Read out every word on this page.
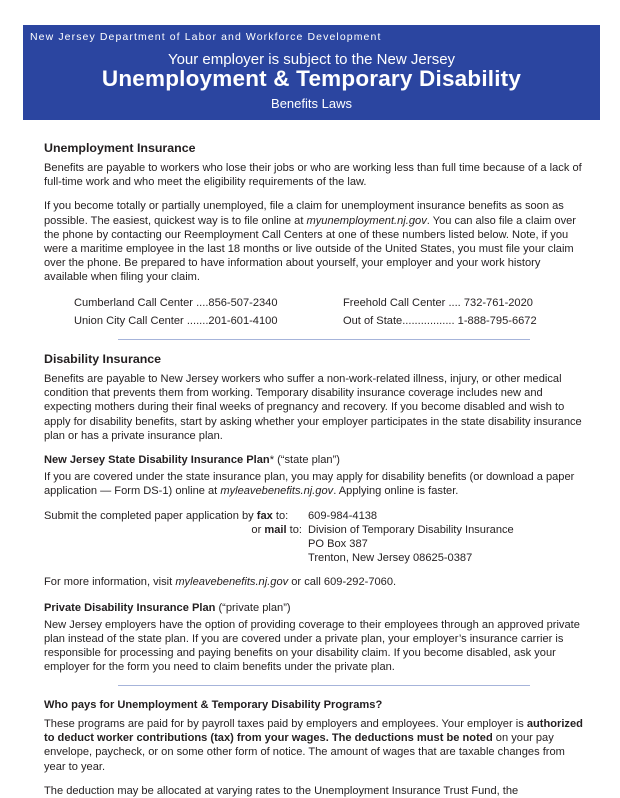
New Jersey Department of Labor and Workforce Development
Your employer is subject to the New Jersey
Unemployment & Temporary Disability
Benefits Laws

Unemployment Insurance

Benefits are payable to workers who lose their jobs or who are working less than full time because of a lack of full-time work and who meet the eligibility requirements of the law.

If you become totally or partially unemployed, file a claim for unemployment insurance benefits as soon as possible. The easiest, quickest way is to file online at myunemployment.nj.gov. You can also file a claim over the phone by contacting our Reemployment Call Centers at one of these numbers listed below. Note, if you were a maritime employee in the last 18 months or live outside of the United States, you must file your claim over the phone. Be prepared to have information about yourself, your employer and your work history available when filing your claim.

Cumberland Call Center ....856-507-2340	Freehold Call Center .... 732-761-2020
Union City Call Center .......201-601-4100	Out of State................. 1-888-795-6672

Disability Insurance

Benefits are payable to New Jersey workers who suffer a non-work-related illness, injury, or other medical condition that prevents them from working. Temporary disability insurance coverage includes new and expecting mothers during their final weeks of pregnancy and recovery. If you become disabled and wish to apply for disability benefits, start by asking whether your employer participates in the state disability insurance plan or has a private insurance plan.

New Jersey State Disability Insurance Plan* (“state plan”)

If you are covered under the state insurance plan, you may apply for disability benefits (or download a paper application — Form DS-1) online at myleavebenefits.nj.gov. Applying online is faster.

Submit the completed paper application by fax to:	609-984-4138
or mail to: Division of Temporary Disability Insurance
PO Box 387
Trenton, New Jersey 08625-0387

For more information, visit myleavebenefits.nj.gov or call 609-292-7060.

Private Disability Insurance Plan (“private plan”)

New Jersey employers have the option of providing coverage to their employees through an approved private plan instead of the state plan. If you are covered under a private plan, your employer’s insurance carrier is responsible for processing and paying benefits on your disability claim. If you become disabled, ask your employer for the form you need to claim benefits under the private plan.

Who pays for Unemployment & Temporary Disability Programs?

These programs are paid for by payroll taxes paid by employers and employees. Your employer is authorized to deduct worker contributions (tax) from your wages. The deductions must be noted on your pay envelope, paycheck, or on some other form of notice. The amount of wages that are taxable changes from year to year.

The deduction may be allocated at varying rates to the Unemployment Insurance Trust Fund, the
